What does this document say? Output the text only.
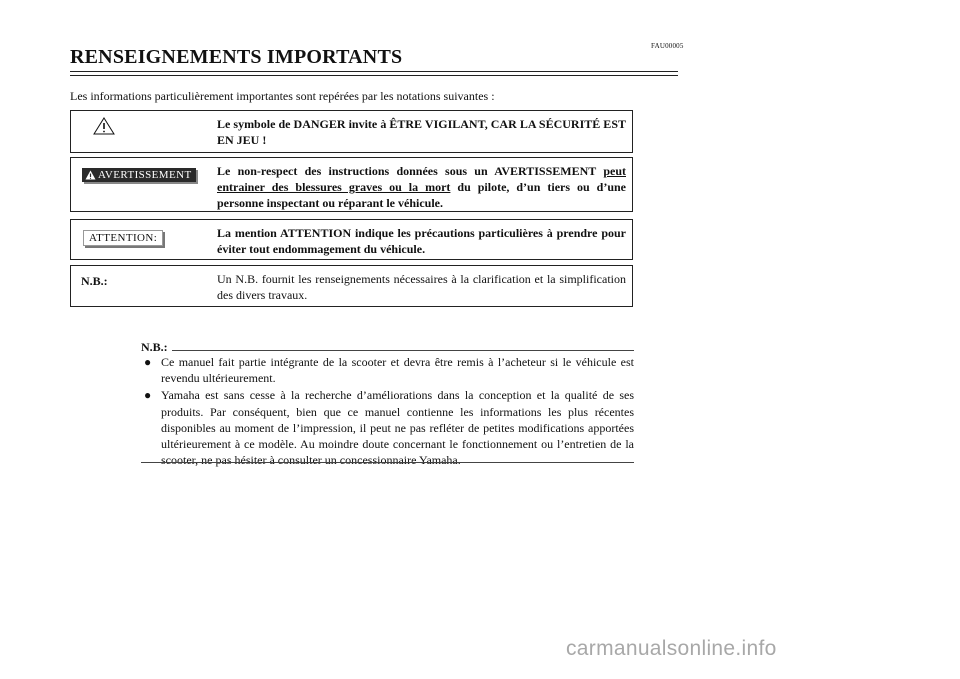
FAU00005
RENSEIGNEMENTS IMPORTANTS
Les informations particulièrement importantes sont repérées par les notations suivantes :
Le symbole de DANGER invite à ÊTRE VIGILANT, CAR LA SÉCURITÉ EST EN JEU !
AVERTISSEMENT Le non-respect des instructions données sous un AVERTISSEMENT peut entrainer des blessures graves ou la mort du pilote, d’un tiers ou d’une personne inspectant ou réparant le véhicule.
ATTENTION:	La mention ATTENTION indique les précautions particulières à prendre pour éviter tout endommagement du véhicule.
N.B.:	Un N.B. fournit les renseignements nécessaires à la clarification et la simplification des divers travaux.
N.B.:
● Ce manuel fait partie intégrante de la scooter et devra être remis à l’acheteur si le véhicule est revendu ultérieurement.
● Yamaha est sans cesse à la recherche d’améliorations dans la conception et la qualité de ses produits. Par conséquent, bien que ce manuel contienne les informations les plus récentes disponibles au moment de l’impression, il peut ne pas refléter de petites modifications apportées ultérieurement à ce modèle. Au moindre doute concernant le fonctionnement ou l’entretien de la scooter, ne pas hésiter à consulter un concessionnaire Yamaha.
carmanualsonline.info
